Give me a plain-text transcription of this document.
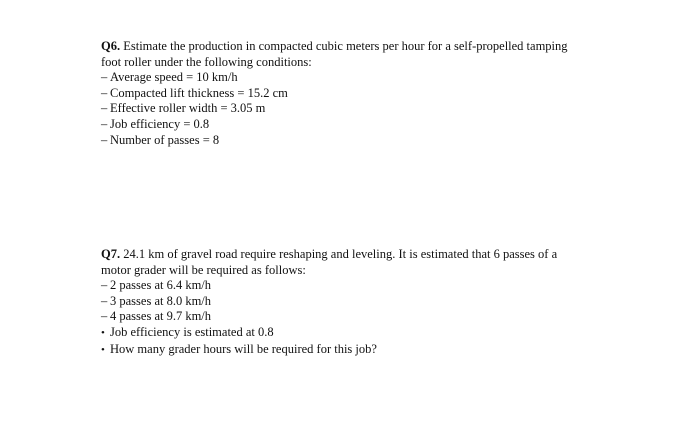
Q6. Estimate the production in compacted cubic meters per hour for a self-propelled tamping foot roller under the following conditions:

– Average speed = 10 km/h
– Compacted lift thickness = 15.2 cm
– Effective roller width = 3.05 m
– Job efficiency = 0.8
– Number of passes = 8

Q7. 24.1 km of gravel road require reshaping and leveling. It is estimated that 6 passes of a motor grader will be required as follows:

– 2 passes at 6.4 km/h
– 3 passes at 8.0 km/h
– 4 passes at 9.7 km/h
• Job efficiency is estimated at 0.8
• How many grader hours will be required for this job?
